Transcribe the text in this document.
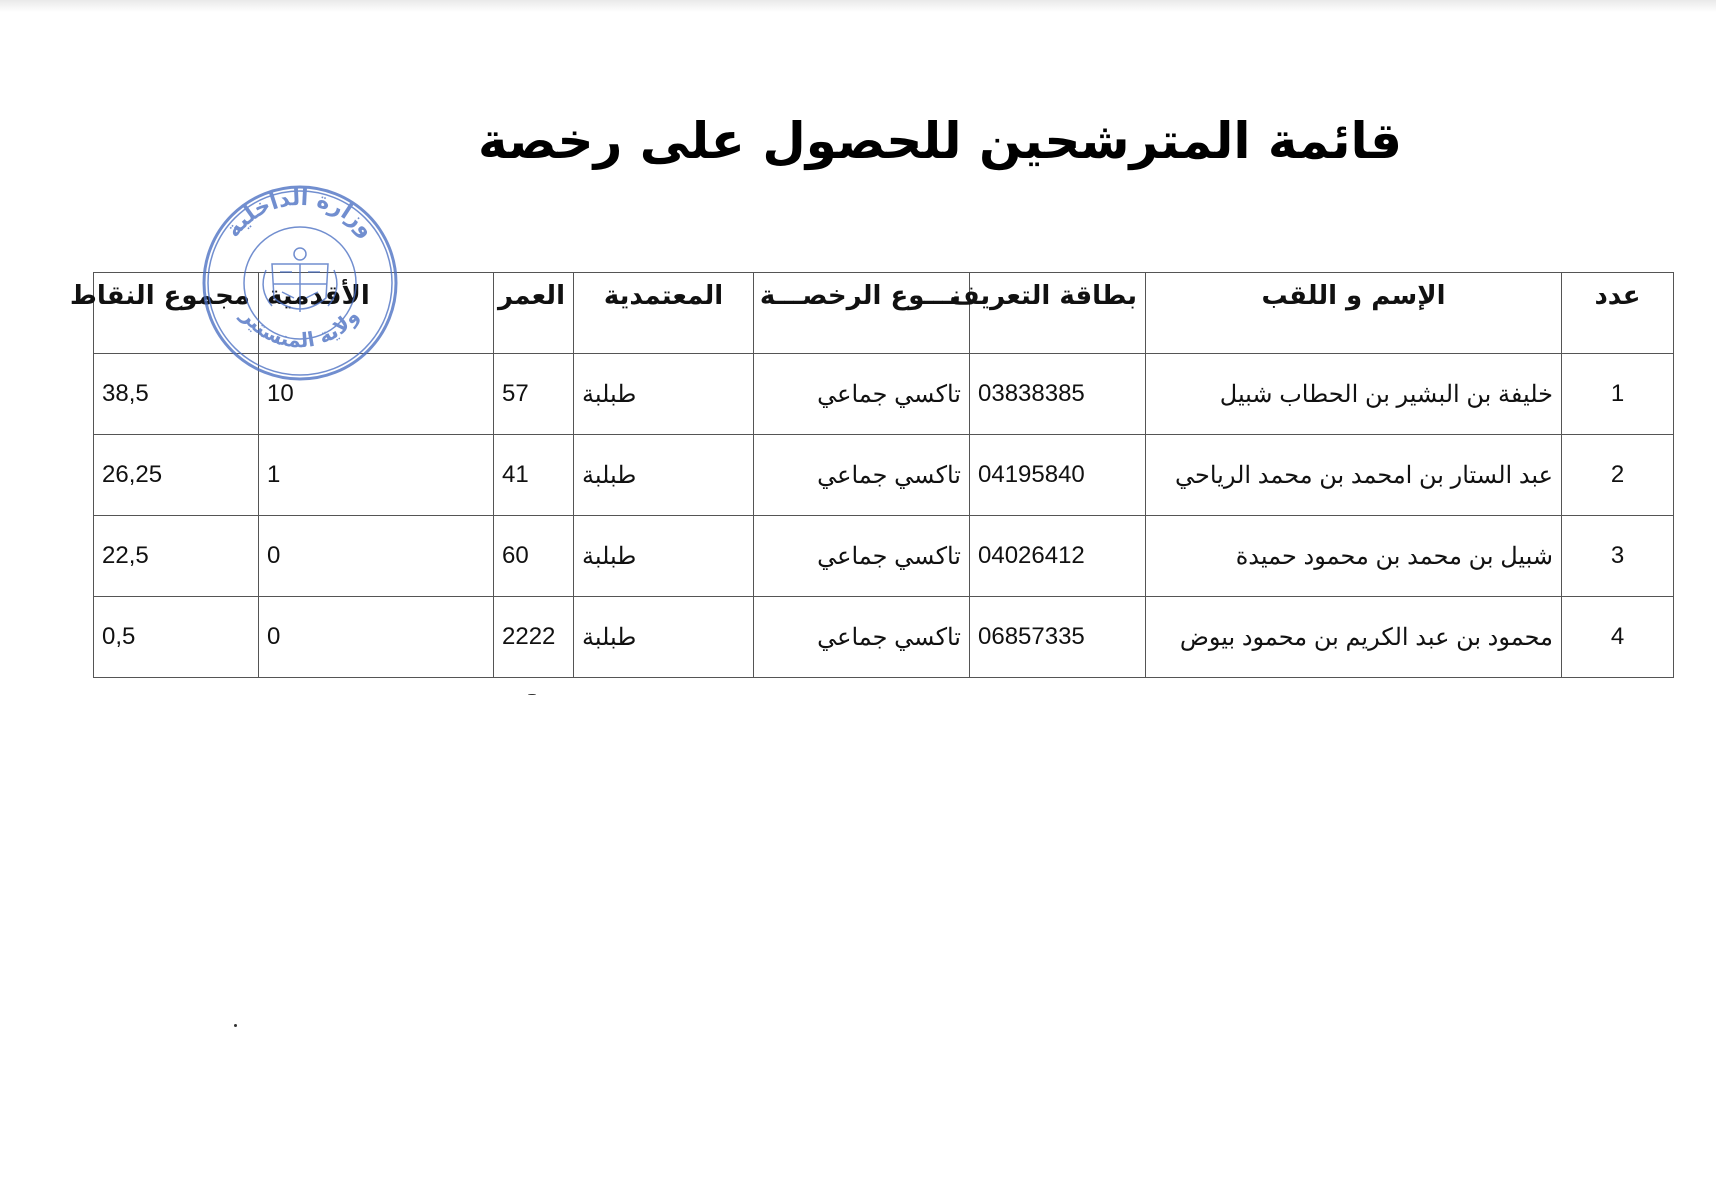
قائمة المترشحين للحصول على رخصة
عدد	الإسم و اللقب	بطاقة التعريف	نـــوع الرخصـــة	المعتمدية	العمر	الأقدمية	مجموع النقاط
1	خليفة بن البشير بن الحطاب شبيل	03838385	تاكسي جماعي	طبلبة	57	10	38,5
2	عبد الستار بن امحمد بن محمد الرياحي	04195840	تاكسي جماعي	طبلبة	41	1	26,25
3	شبيل بن محمد بن محمود حميدة	04026412	تاكسي جماعي	طبلبة	60	0	22,5
4	محمود بن عبد الكريم بن محمود بيوض	06857335	تاكسي جماعي	طبلبة	2222	0	0,5
وزارة الداخلية
ولاية المنستير
